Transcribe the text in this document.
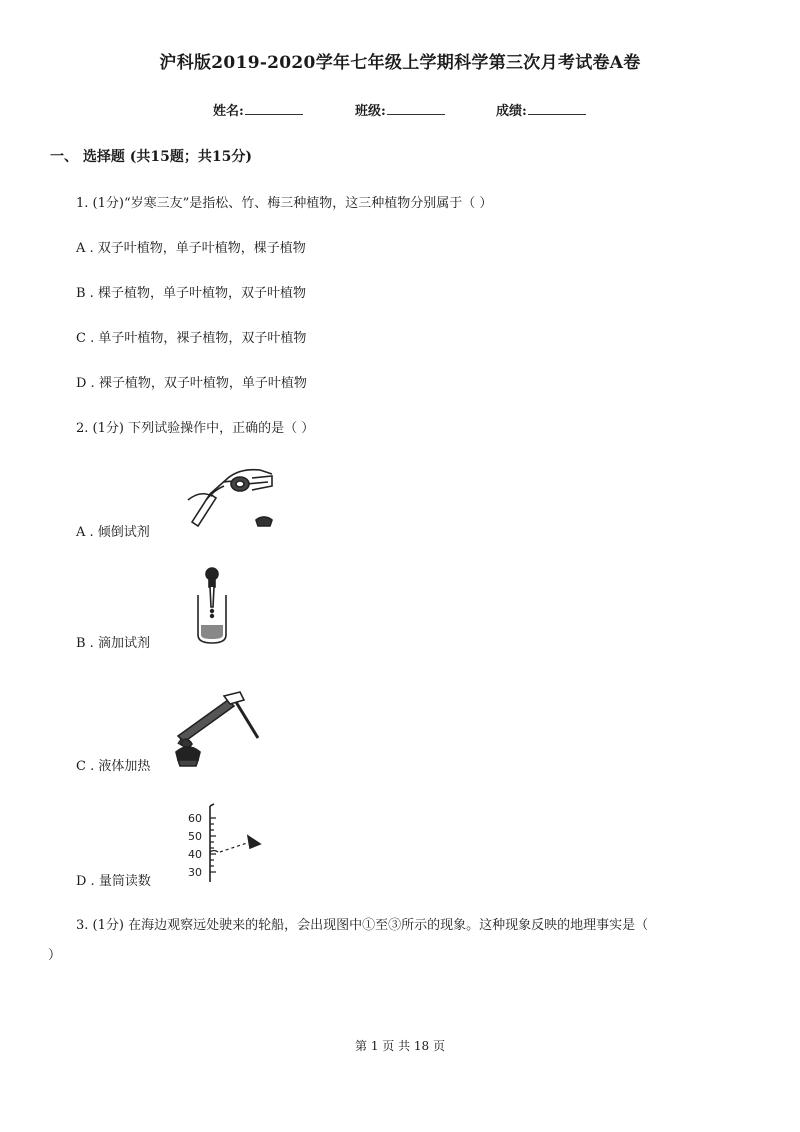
沪科版2019-2020学年七年级上学期科学第三次月考试卷A卷
姓名:	班级:	成绩:
一、 选择题 (共15题；共15分)
1. (1分)“岁寒三友”是指松、竹、梅三种植物，这三种植物分别属于（ ）
A . 双子叶植物，单子叶植物，棵子植物
B . 棵子植物，单子叶植物，双子叶植物
C . 单子叶植物，裸子植物，双子叶植物
D . 裸子植物，双子叶植物，单子叶植物
2. (1分) 下列试验操作中，正确的是（ ）
A . 倾倒试剂
B . 滴加试剂
C . 液体加热
D . 量筒读数
60
50
40
30
3. (1分) 在海边观察远处驶来的轮船，会出现图中①至③所示的现象。这种现象反映的地理事实是（
）
第 1 页 共 18 页
